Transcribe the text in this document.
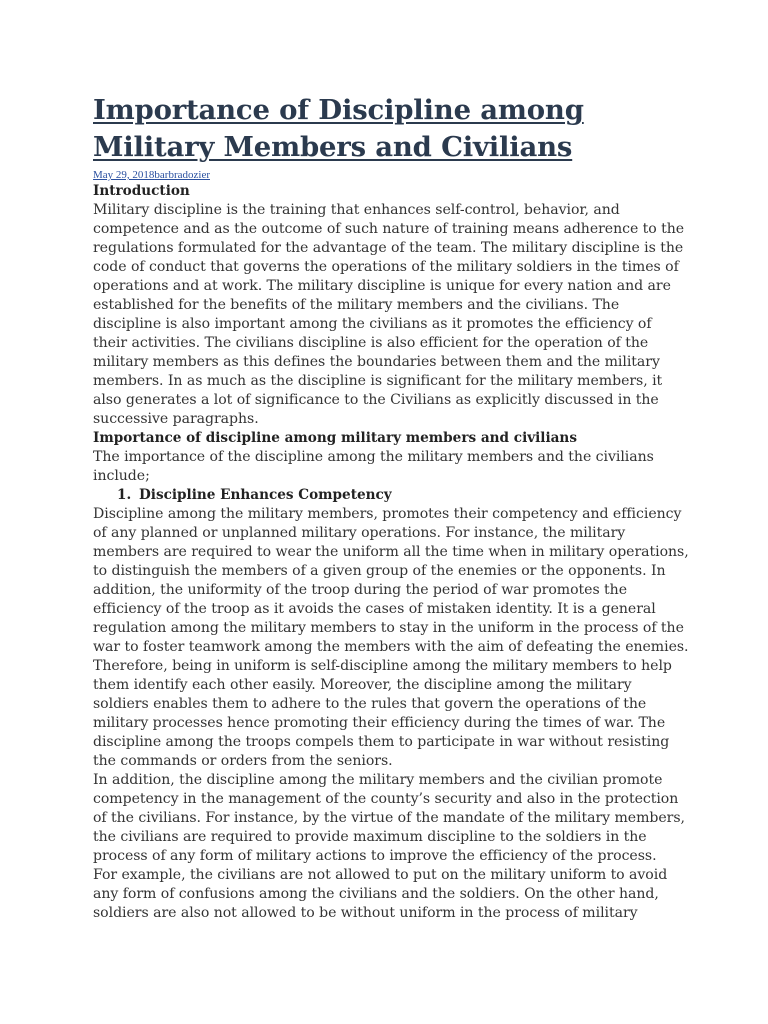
Importance of Discipline among
Military Members and Civilians
May 29, 2018barbradozier
Introduction

Military discipline is the training that enhances self-control, behavior, and
competence and as the outcome of such nature of training means adherence to the
regulations formulated for the advantage of the team. The military discipline is the
code of conduct that governs the operations of the military soldiers in the times of
operations and at work. The military discipline is unique for every nation and are
established for the benefits of the military members and the civilians. The
discipline is also important among the civilians as it promotes the efficiency of
their activities. The civilians discipline is also efficient for the operation of the
military members as this defines the boundaries between them and the military
members. In as much as the discipline is significant for the military members, it
also generates a lot of significance to the Civilians as explicitly discussed in the
successive paragraphs.

Importance of discipline among military members and civilians

The importance of the discipline among the military members and the civilians
include;

1. Discipline Enhances Competency

Discipline among the military members, promotes their competency and efficiency
of any planned or unplanned military operations. For instance, the military
members are required to wear the uniform all the time when in military operations,
to distinguish the members of a given group of the enemies or the opponents. In
addition, the uniformity of the troop during the period of war promotes the
efficiency of the troop as it avoids the cases of mistaken identity. It is a general
regulation among the military members to stay in the uniform in the process of the
war to foster teamwork among the members with the aim of defeating the enemies.
Therefore, being in uniform is self-discipline among the military members to help
them identify each other easily. Moreover, the discipline among the military
soldiers enables them to adhere to the rules that govern the operations of the
military processes hence promoting their efficiency during the times of war. The
discipline among the troops compels them to participate in war without resisting
the commands or orders from the seniors.

In addition, the discipline among the military members and the civilian promote
competency in the management of the county’s security and also in the protection
of the civilians. For instance, by the virtue of the mandate of the military members,
the civilians are required to provide maximum discipline to the soldiers in the
process of any form of military actions to improve the efficiency of the process.
For example, the civilians are not allowed to put on the military uniform to avoid
any form of confusions among the civilians and the soldiers. On the other hand,
soldiers are also not allowed to be without uniform in the process of military
